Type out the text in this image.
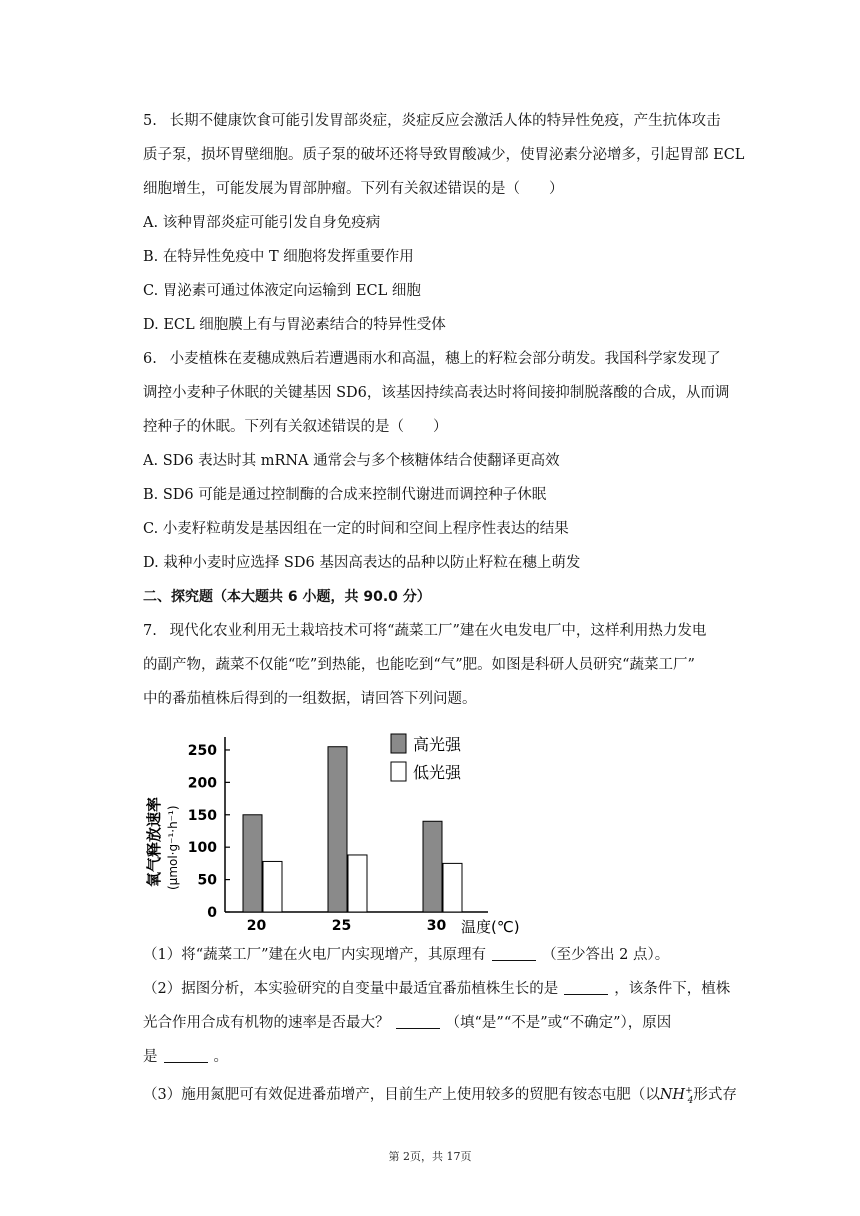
5. 长期不健康饮食可能引发胃部炎症，炎症反应会激活人体的特异性免疫，产生抗体攻击
质子泵，损坏胃壁细胞。质子泵的破坏还将导致胃酸减少，使胃泌素分泌增多，引起胃部 ECL
细胞增生，可能发展为胃部肿瘤。下列有关叙述错误的是（　　）
A. 该种胃部炎症可能引发自身免疫病
B. 在特异性免疫中 T 细胞将发挥重要作用
C. 胃泌素可通过体液定向运输到 ECL 细胞
D. ECL 细胞膜上有与胃泌素结合的特异性受体
6. 小麦植株在麦穗成熟后若遭遇雨水和高温，穗上的籽粒会部分萌发。我国科学家发现了
调控小麦种子休眠的关键基因 SD6，该基因持续高表达时将间接抑制脱落酸的合成，从而调
控种子的休眠。下列有关叙述错误的是（　　）
A. SD6 表达时其 mRNA 通常会与多个核糖体结合使翻译更高效
B. SD6 可能是通过控制酶的合成来控制代谢进而调控种子休眠
C. 小麦籽粒萌发是基因组在一定的时间和空间上程序性表达的结果
D. 栽种小麦时应选择 SD6 基因高表达的品种以防止籽粒在穗上萌发
二、探究题（本大题共 6 小题，共 90.0 分）
7. 现代化农业利用无土栽培技术可将“蔬菜工厂”建在火电发电厂中，这样利用热力发电
的副产物，蔬菜不仅能“吃”到热能，也能吃到“气”肥。如图是科研人员研究“蔬菜工厂”
中的番茄植株后得到的一组数据，请回答下列问题。
0
50
100
150
200
250
氧气释放速率 (μmol·g⁻¹·h⁻¹)
20	25	30 温度(℃)
高光强
低光强
（1）将“蔬菜工厂”建在火电厂内实现增产，其原理有	（至少答出 2 点）。
（2）据图分析，本实验研究的自变量中最适宜番茄植株生长的是	，该条件下，植株
光合作用合成有机物的速率是否最大？	（填“是”“不是”或“不确定”），原因
是	。
（3）施用氮肥可有效促进番茄增产，目前生产上使用较多的贸肥有铵态屯肥（以$NH^+_4$形式存
第 2页，共 17页
